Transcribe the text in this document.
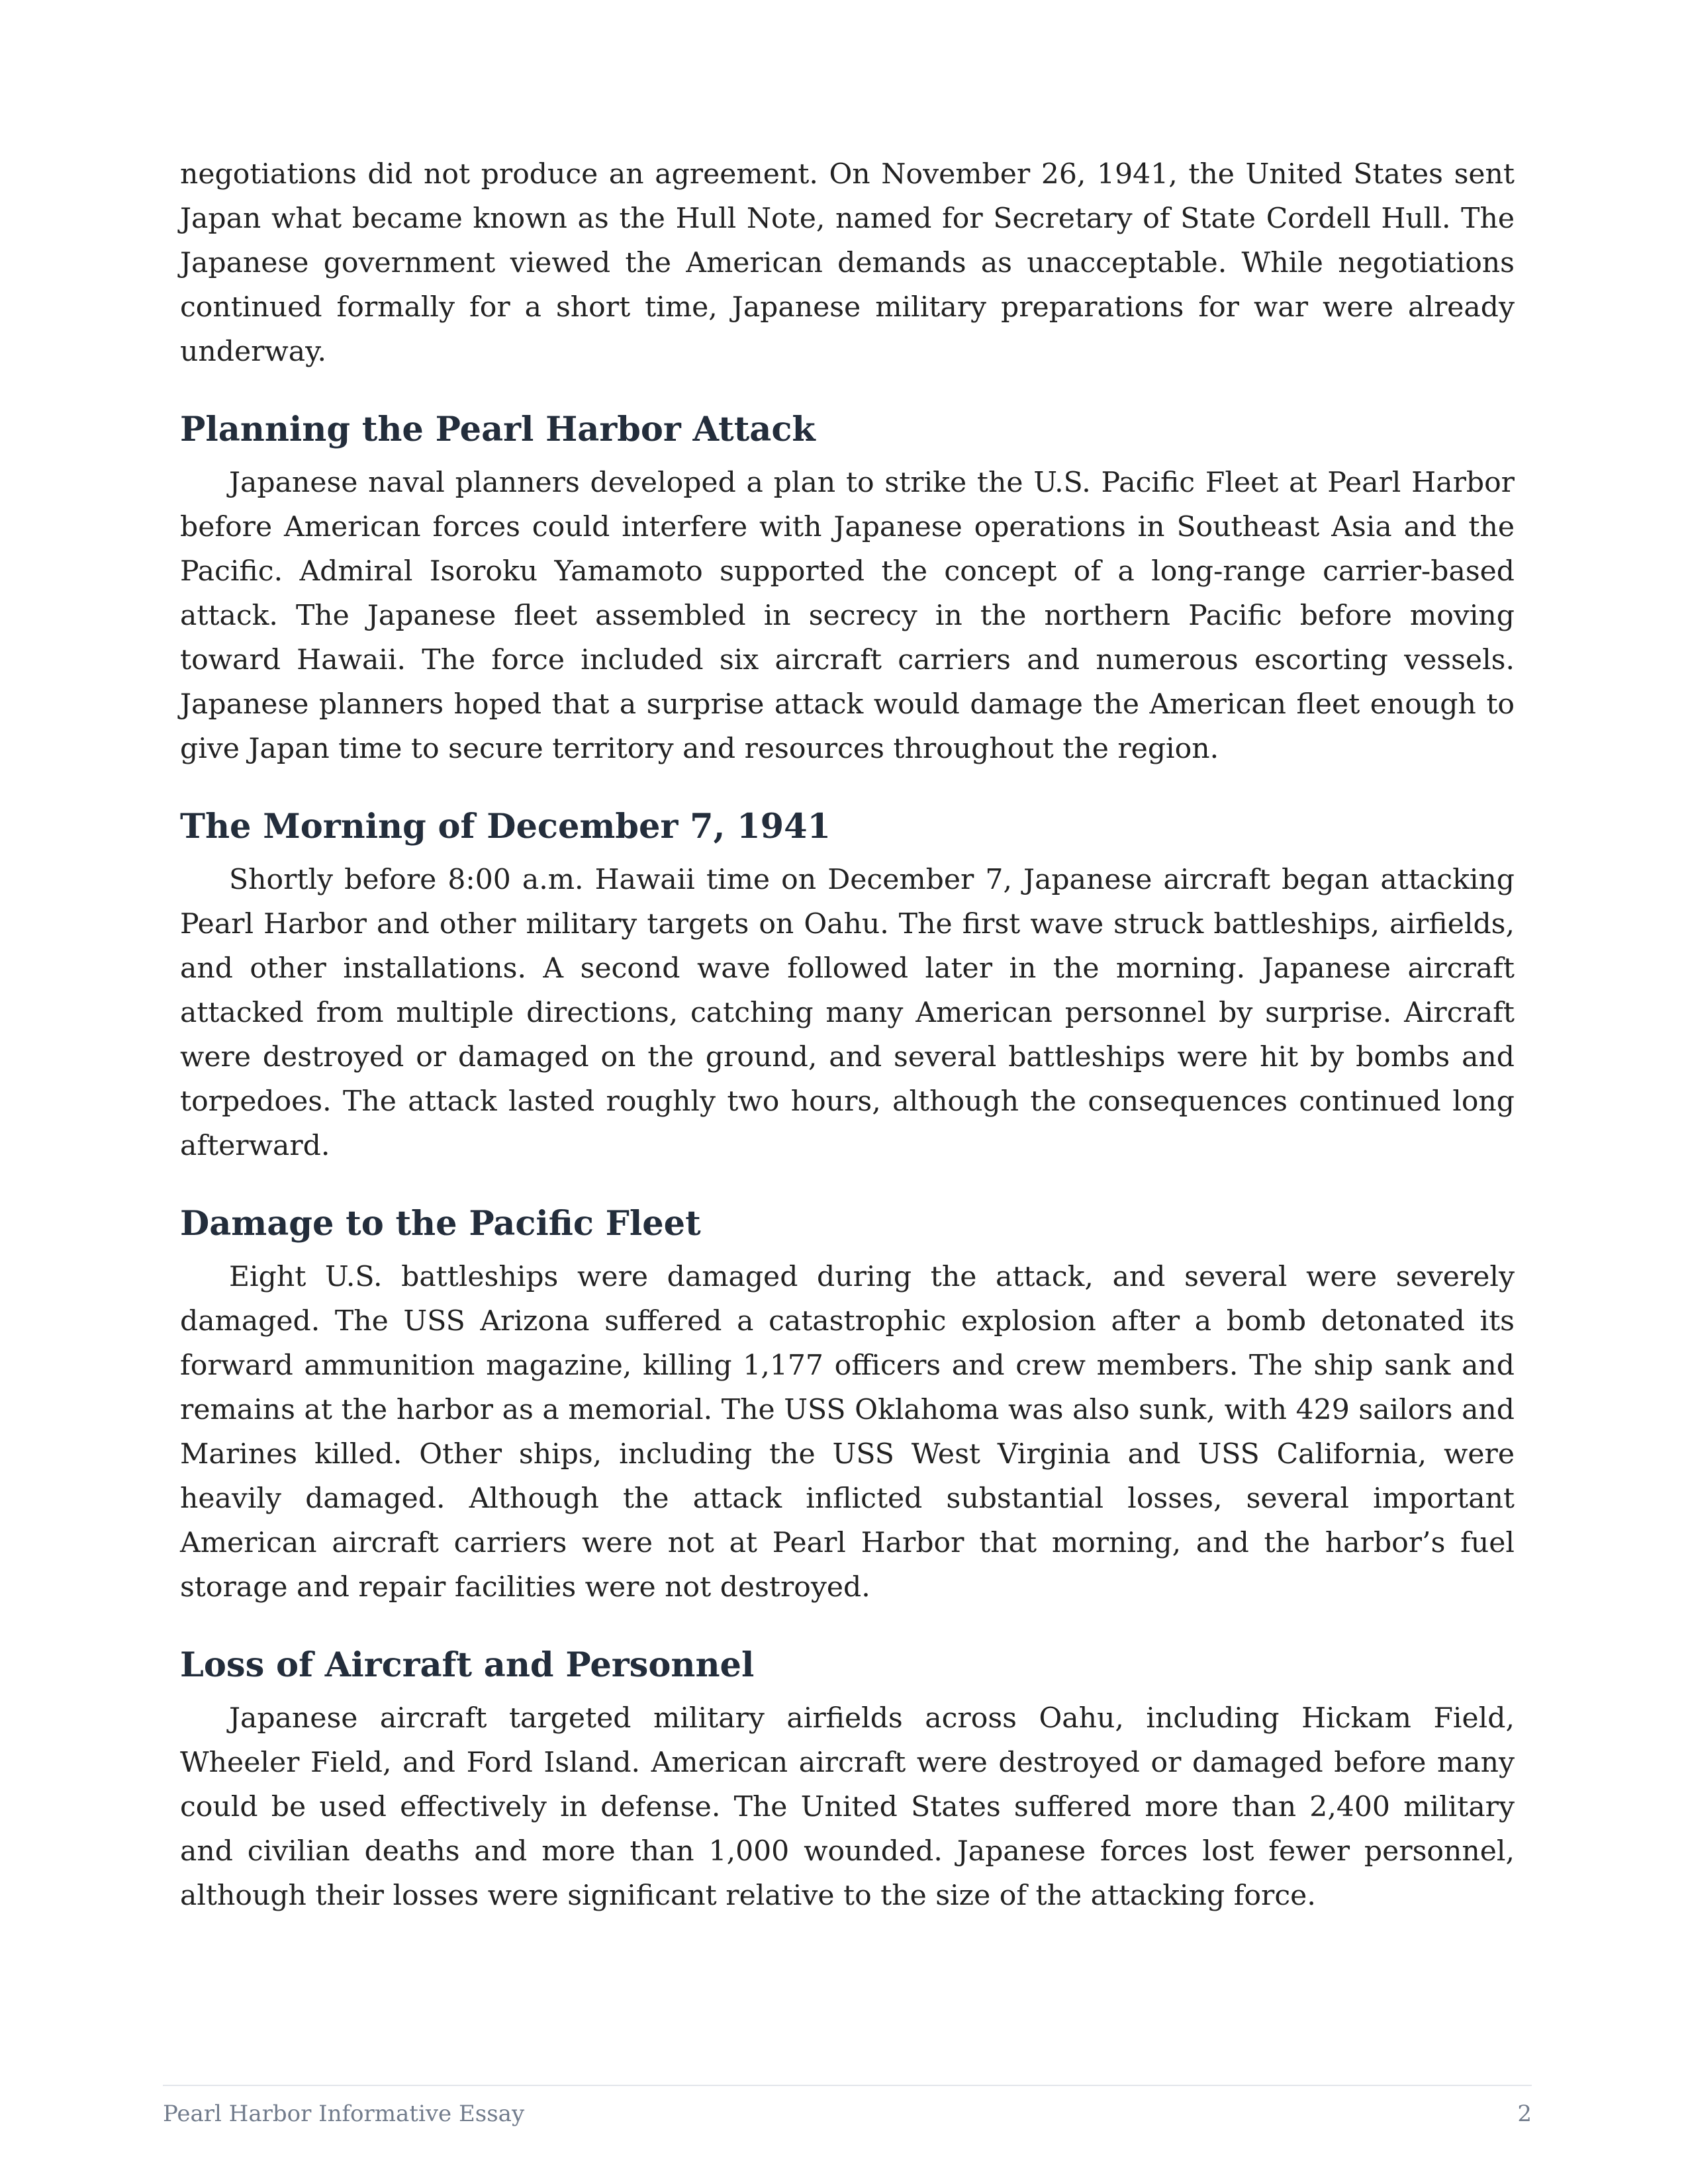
negotiations did not produce an agreement. On November 26, 1941, the United States sent Japan what became known as the Hull Note, named for Secretary of State Cordell Hull. The Japanese government viewed the American demands as unacceptable. While negotiations continued formally for a short time, Japanese military preparations for war were already underway.

Planning the Pearl Harbor Attack

Japanese naval planners developed a plan to strike the U.S. Pacific Fleet at Pearl Harbor before American forces could interfere with Japanese operations in Southeast Asia and the Pacific. Admiral Isoroku Yamamoto supported the concept of a long-range carrier-based attack. The Japanese fleet assembled in secrecy in the northern Pacific before moving toward Hawaii. The force included six aircraft carriers and numerous escorting vessels. Japanese planners hoped that a surprise attack would damage the American fleet enough to give Japan time to secure territory and resources throughout the region.

The Morning of December 7, 1941

Shortly before 8:00 a.m. Hawaii time on December 7, Japanese aircraft began attacking Pearl Harbor and other military targets on Oahu. The first wave struck battleships, airfields, and other installations. A second wave followed later in the morning. Japanese aircraft attacked from multiple directions, catching many American personnel by surprise. Aircraft were destroyed or damaged on the ground, and several battleships were hit by bombs and torpedoes. The attack lasted roughly two hours, although the consequences continued long afterward.

Damage to the Pacific Fleet

Eight U.S. battleships were damaged during the attack, and several were severely damaged. The USS Arizona suffered a catastrophic explosion after a bomb detonated its forward ammunition magazine, killing 1,177 officers and crew members. The ship sank and remains at the harbor as a memorial. The USS Oklahoma was also sunk, with 429 sailors and Marines killed. Other ships, including the USS West Virginia and USS California, were heavily damaged. Although the attack inflicted substantial losses, several important American aircraft carriers were not at Pearl Harbor that morning, and the harbor’s fuel storage and repair facilities were not destroyed.

Loss of Aircraft and Personnel

Japanese aircraft targeted military airfields across Oahu, including Hickam Field, Wheeler Field, and Ford Island. American aircraft were destroyed or damaged before many could be used effectively in defense. The United States suffered more than 2,400 military and civilian deaths and more than 1,000 wounded. Japanese forces lost fewer personnel, although their losses were significant relative to the size of the attacking force.

Pearl Harbor Informative Essay	2
